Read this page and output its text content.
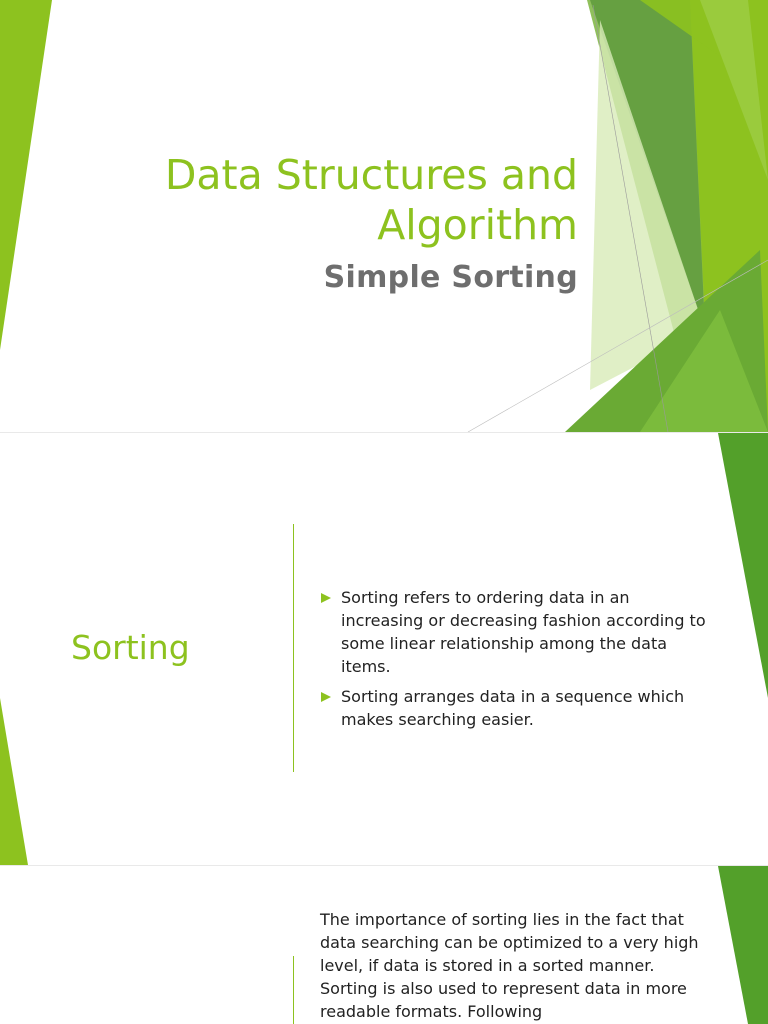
Data Structures and Algorithm
Simple Sorting
Sorting
Sorting refers to ordering data in an increasing or decreasing fashion according to some linear relationship among the data items.
Sorting arranges data in a sequence which makes searching easier.

The importance of sorting lies in the fact that data searching can be optimized to a very high level, if data is stored in a sorted manner. Sorting is also used to represent data in more readable formats. Following
